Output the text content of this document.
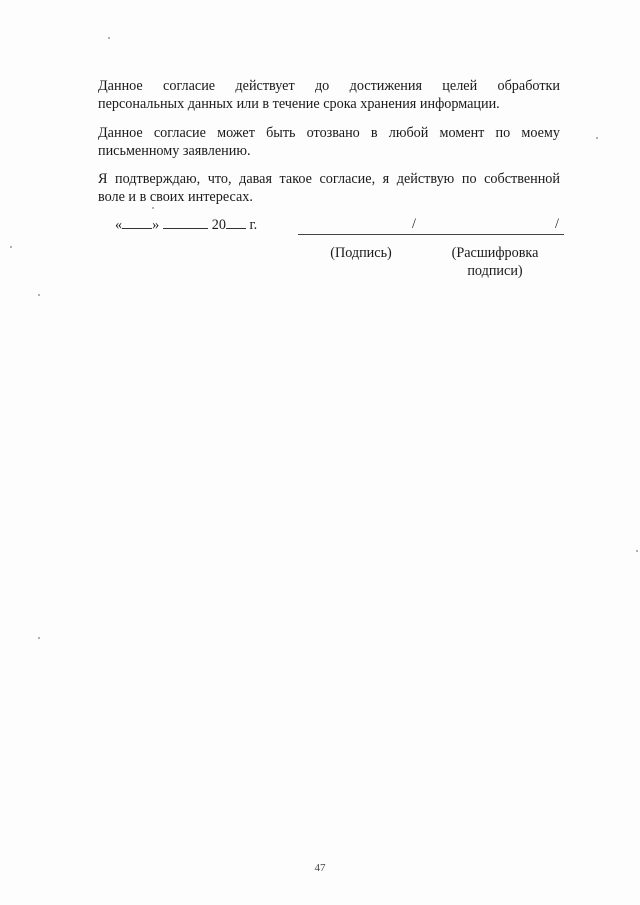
Данное согласие действует до достижения целей обработки
персональных данных или в течение срока хранения информации.

Данное согласие может быть отозвано в любой момент по моему
письменному заявлению.

Я подтверждаю, что, давая такое согласие, я действую по собственной
воле и в своих интересах.

« »	20 г.	/	/
(Подпись)	(Расшифровка
подписи)
47
